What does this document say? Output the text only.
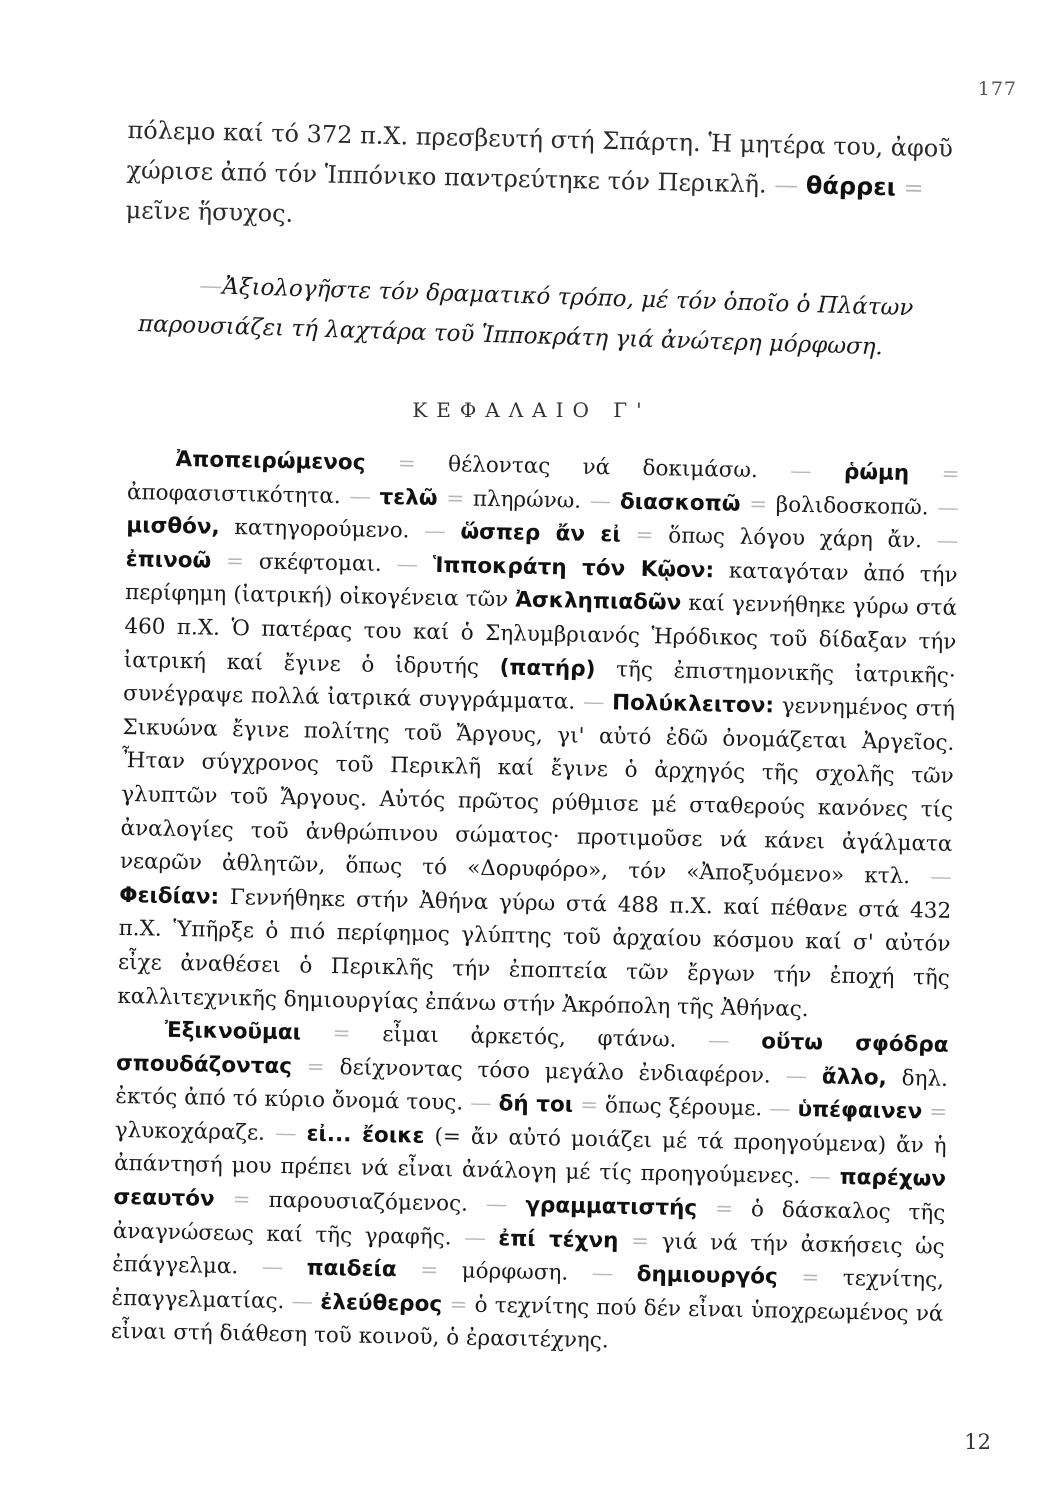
177
πόλεμο καί τό 372 π.Χ. πρεσβευτή στή Σπάρτη. Ἡ μητέρα του, ἀφοῦ χώρισε ἀπό τόν Ἱππόνικο παντρεύτηκε τόν Περικλῆ. — θάρρει = μεῖνε ἥσυχος.
—Ἀξιολογῆστε τόν δραματικό τρόπο, μέ τόν ὁποῖο ὁ Πλάτων παρουσιάζει τή λαχτάρα τοῦ Ἱπποκράτη γιά ἀνώτερη μόρφωση.
ΚΕΦΑΛΑΙΟ Γ'

Ἀποπειρώμενος = θέλοντας νά δοκιμάσω. — ῥώμη = ἀποφασιστικότητα. — τελῶ = πληρώνω. — διασκοπῶ = βολιδοσκοπῶ. — μισθόν, κατηγορούμενο. — ὥσπερ ἄν εἰ = ὅπως λόγου χάρη ἄν. — ἐπινοῶ = σκέφτομαι. — Ἱπποκράτη τόν Κῷον: καταγόταν ἀπό τήν περίφημη (ἰατρική) οἰκογένεια τῶν Ἀσκληπιαδῶν καί γεννήθηκε γύρω στά 460 π.Χ. Ὁ πατέρας του καί ὁ Σηλυμβριανός Ἡρόδικος τοῦ δίδαξαν τήν ἰατρική καί ἔγινε ὁ ἱδρυτής (πατήρ) τῆς ἐπιστημονικῆς ἰατρικῆς· συνέγραψε πολλά ἰατρικά συγγράμματα. — Πολύκλειτον: γεννημένος στή Σικυώνα ἔγινε πολίτης τοῦ Ἄργους, γι' αὐτό ἐδῶ ὀνομάζεται Ἀργεῖος. Ἦταν σύγχρονος τοῦ Περικλῆ καί ἔγινε ὁ ἀρχηγός τῆς σχολῆς τῶν γλυπτῶν τοῦ Ἄργους. Αὐτός πρῶτος ρύθμισε μέ σταθερούς κανόνες τίς ἀναλογίες τοῦ ἀνθρώπινου σώματος· προτιμοῦσε νά κάνει ἀγάλματα νεαρῶν ἀθλητῶν, ὅπως τό «Δορυφόρο», τόν «Ἀποξυόμενο» κτλ. — Φειδίαν: Γεννήθηκε στήν Ἀθήνα γύρω στά 488 π.Χ. καί πέθανε στά 432 π.Χ. Ὑπῆρξε ὁ πιό περίφημος γλύπτης τοῦ ἀρχαίου κόσμου καί σ' αὐτόν εἶχε ἀναθέσει ὁ Περικλῆς τήν ἐποπτεία τῶν ἔργων τήν ἐποχή τῆς καλλιτεχνικῆς δημιουργίας ἐπάνω στήν Ἀκρόπολη τῆς Ἀθήνας.

Ἐξικνοῦμαι = εἶμαι ἀρκετός, φτάνω. — οὕτω σφόδρα σπουδάζοντας = δείχνοντας τόσο μεγάλο ἐνδιαφέρον. — ἄλλο, δηλ. ἐκτός ἀπό τό κύριο ὄνομά τους. — δή τοι = ὅπως ξέρουμε. — ὑπέφαινεν = γλυκοχάραζε. — εἰ... ἔοικε (= ἄν αὐτό μοιάζει μέ τά προηγούμενα) ἄν ἡ ἀπάντησή μου πρέπει νά εἶναι ἀνάλογη μέ τίς προηγούμενες. — παρέχων σεαυτόν = παρουσιαζόμενος. — γραμματιστής = ὁ δάσκαλος τῆς ἀναγνώσεως καί τῆς γραφῆς. — ἐπί τέχνη = γιά νά τήν ἀσκήσεις ὡς ἐπάγγελμα. — παιδεία = μόρφωση. — δημιουργός = τεχνίτης, ἐπαγγελματίας. — ἐλεύθερος = ὁ τεχνίτης πού δέν εἶναι ὑποχρεωμένος νά εἶναι στή διάθεση τοῦ κοινοῦ, ὁ ἐρασιτέχνης.

12
